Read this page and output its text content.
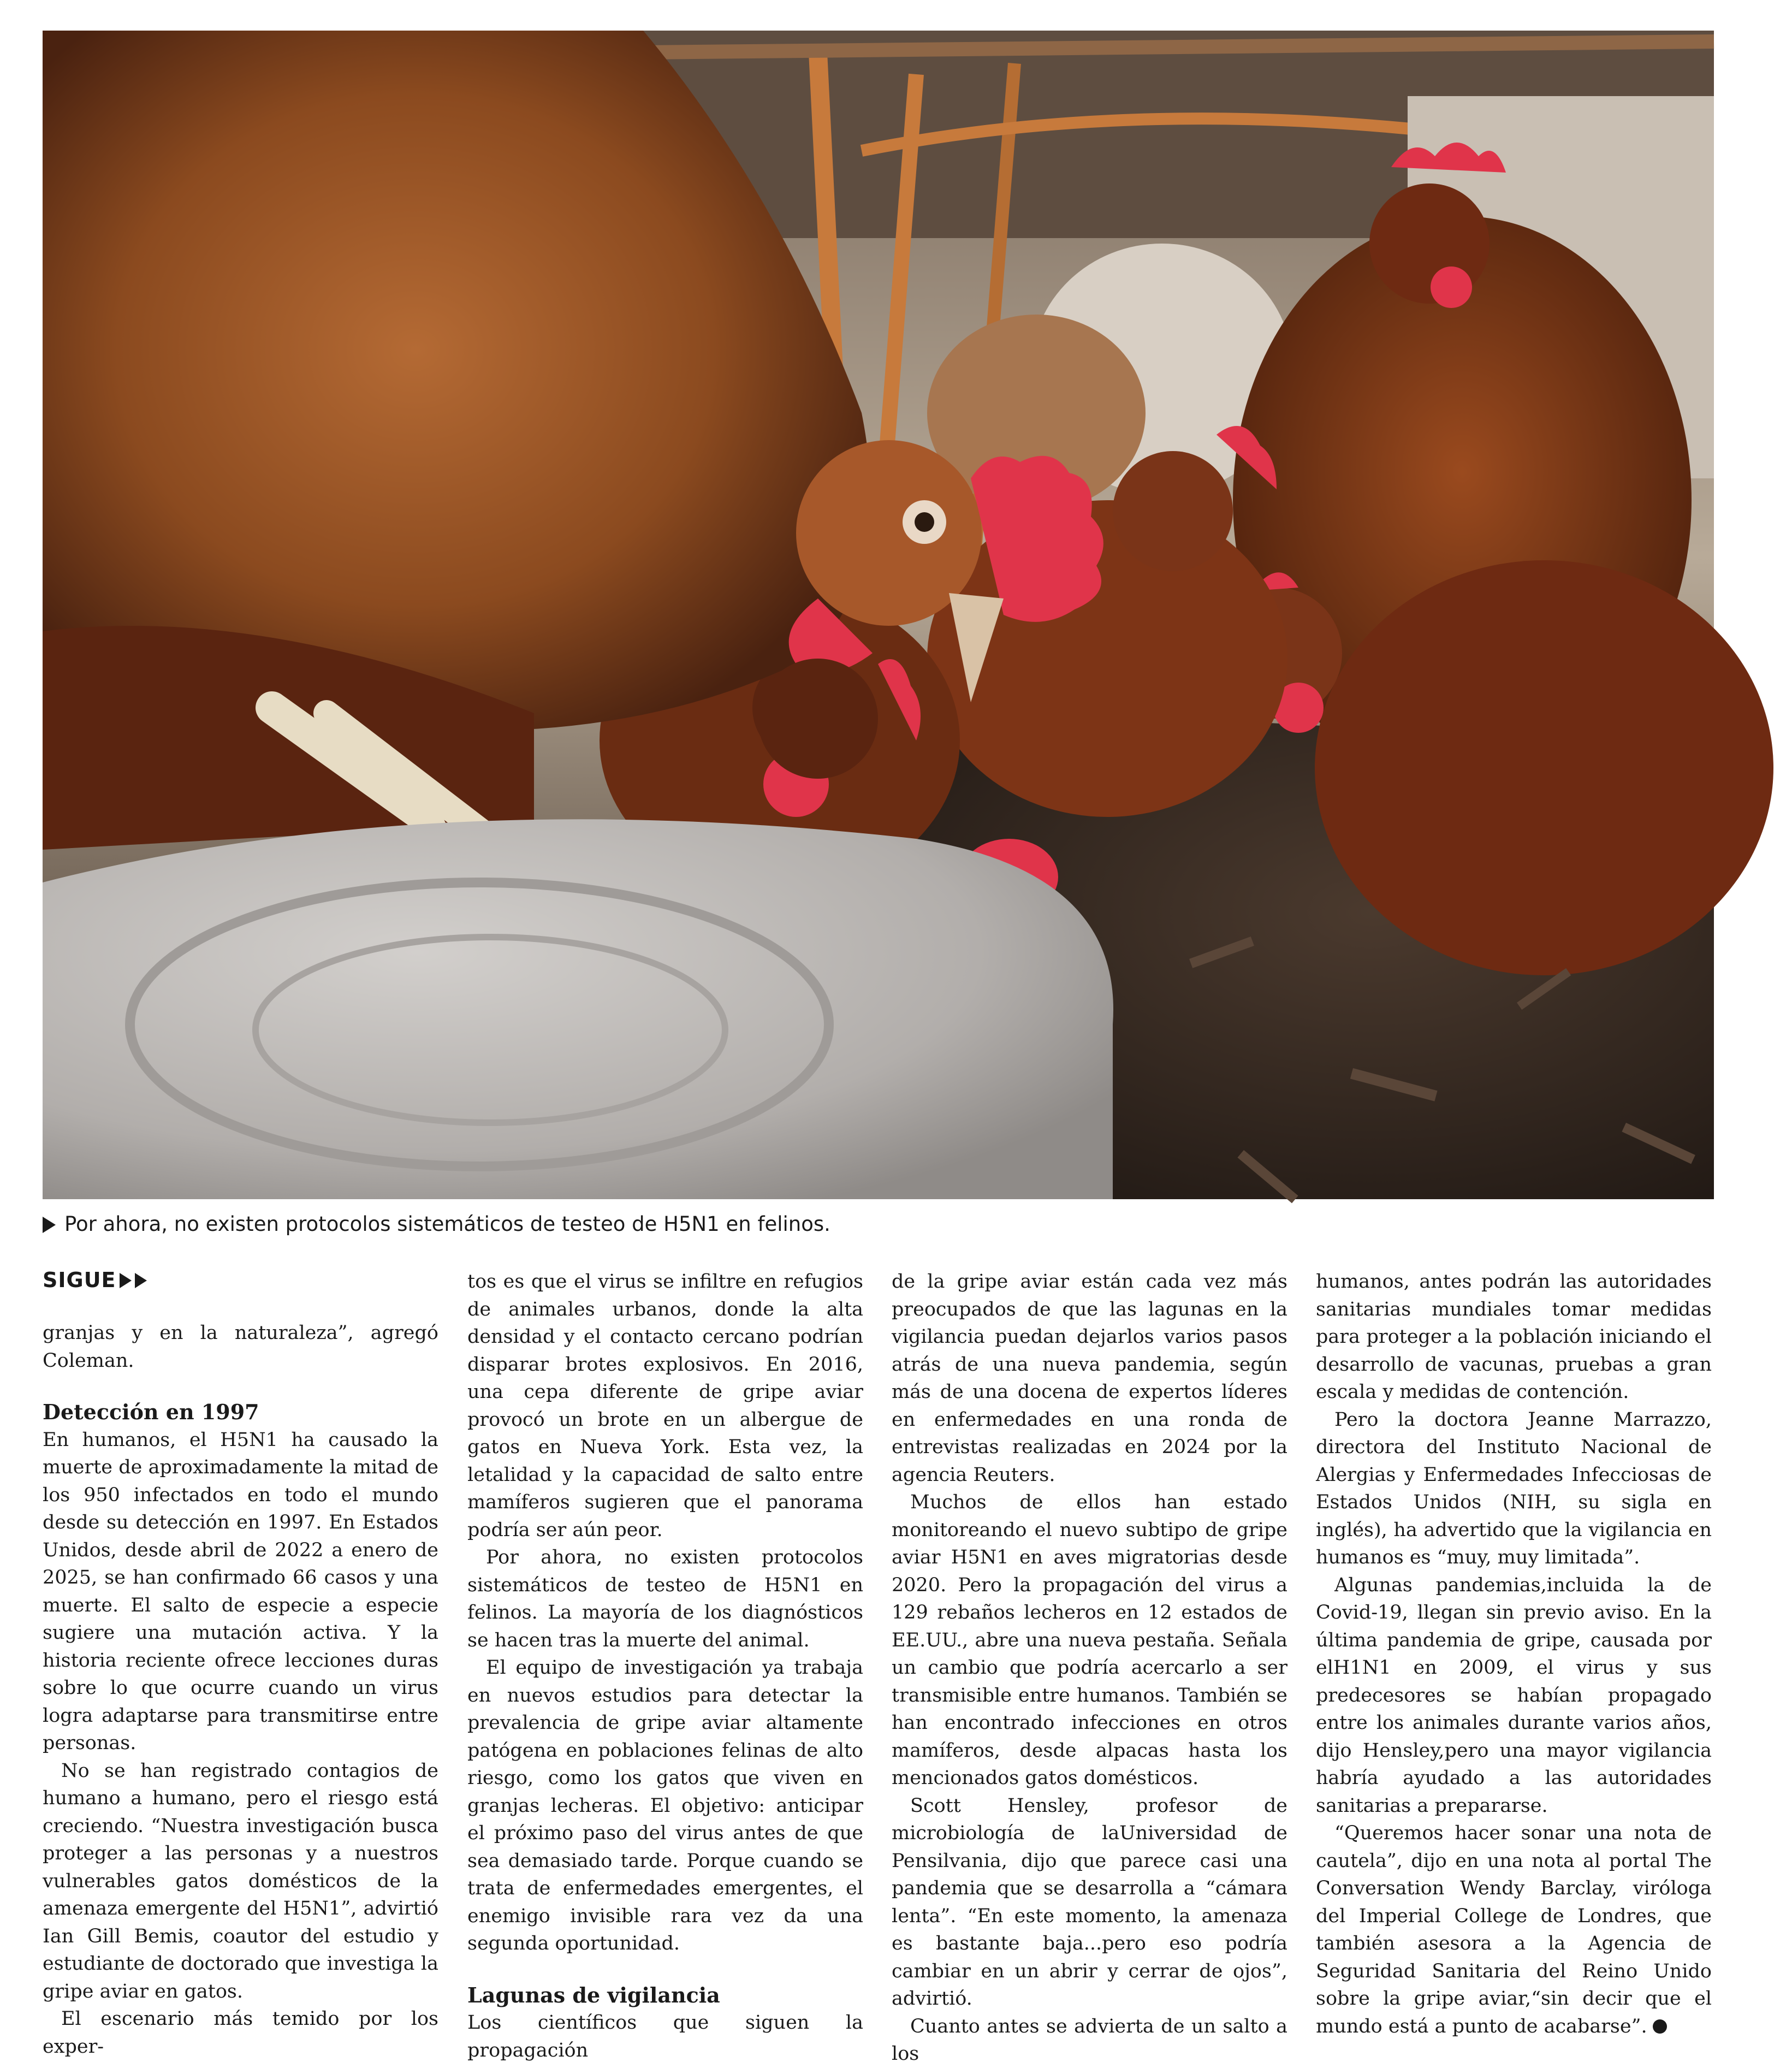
Por ahora, no existen protocolos sistemáticos de testeo de H5N1 en felinos.
SIGUE

granjas y en la naturaleza”, agregó Coleman.

Detección en 1997

En humanos, el H5N1 ha causado la muerte de aproximadamente la mitad de los 950 infectados en todo el mundo desde su detección en 1997. En Estados Unidos, desde abril de 2022 a enero de 2025, se han confirmado 66 casos y una muerte. El salto de especie a especie sugiere una mutación activa. Y la historia reciente ofrece lecciones duras sobre lo que ocurre cuando un virus logra adaptarse para transmitirse entre personas.

No se han registrado contagios de humano a humano, pero el riesgo está creciendo. “Nuestra investigación busca proteger a las personas y a nuestros vulnerables gatos domésticos de la amenaza emergente del H5N1”, advirtió Ian Gill Bemis, coautor del estudio y estudiante de doctorado que investiga la gripe aviar en gatos.

El escenario más temido por los exper-

tos es que el virus se infiltre en refugios de animales urbanos, donde la alta densidad y el contacto cercano podrían disparar brotes explosivos. En 2016, una cepa diferente de gripe aviar provocó un brote en un albergue de gatos en Nueva York. Esta vez, la letalidad y la capacidad de salto entre mamíferos sugieren que el panorama podría ser aún peor.

Por ahora, no existen protocolos sistemáticos de testeo de H5N1 en felinos. La mayoría de los diagnósticos se hacen tras la muerte del animal.

El equipo de investigación ya trabaja en nuevos estudios para detectar la prevalencia de gripe aviar altamente patógena en poblaciones felinas de alto riesgo, como los gatos que viven en granjas lecheras. El objetivo: anticipar el próximo paso del virus antes de que sea demasiado tarde. Porque cuando se trata de enfermedades emergentes, el enemigo invisible rara vez da una segunda oportunidad.

Lagunas de vigilancia

Los científicos que siguen la propagación

de la gripe aviar están cada vez más preocupados de que las lagunas en la vigilancia puedan dejarlos varios pasos atrás de una nueva pandemia, según más de una docena de expertos líderes en enfermedades en una ronda de entrevistas realizadas en 2024 por la agencia Reuters.

Muchos de ellos han estado monitoreando el nuevo subtipo de gripe aviar H5N1 en aves migratorias desde 2020. Pero la propagación del virus a 129 rebaños lecheros en 12 estados de EE.UU., abre una nueva pestaña. Señala un cambio que podría acercarlo a ser transmisible entre humanos. También se han encontrado infecciones en otros mamíferos, desde alpacas hasta los mencionados gatos domésticos.

Scott Hensley, profesor de microbiología de laUniversidad de Pensilvania, dijo que parece casi una pandemia que se desarrolla a “cámara lenta”. “En este momento, la amenaza es bastante baja...pero eso podría cambiar en un abrir y cerrar de ojos”, advirtió.

Cuanto antes se advierta de un salto a los

humanos, antes podrán las autoridades sanitarias mundiales tomar medidas para proteger a la población iniciando el desarrollo de vacunas, pruebas a gran escala y medidas de contención.

Pero la doctora Jeanne Marrazzo, directora del Instituto Nacional de Alergias y Enfermedades Infecciosas de Estados Unidos (NIH, su sigla en inglés), ha advertido que la vigilancia en humanos es “muy, muy limitada”.

Algunas pandemias,incluida la de Covid-19, llegan sin previo aviso. En la última pandemia de gripe, causada por elH1N1 en 2009, el virus y sus predecesores se habían propagado entre los animales durante varios años, dijo Hensley,pero una mayor vigilancia habría ayudado a las autoridades sanitarias a prepararse.

“Queremos hacer sonar una nota de cautela”, dijo en una nota al portal The Conversation Wendy Barclay, viróloga del Imperial College de Londres, que también asesora a la Agencia de Seguridad Sanitaria del Reino Unido sobre la gripe aviar,“sin decir que el mundo está a punto de acabarse”.
